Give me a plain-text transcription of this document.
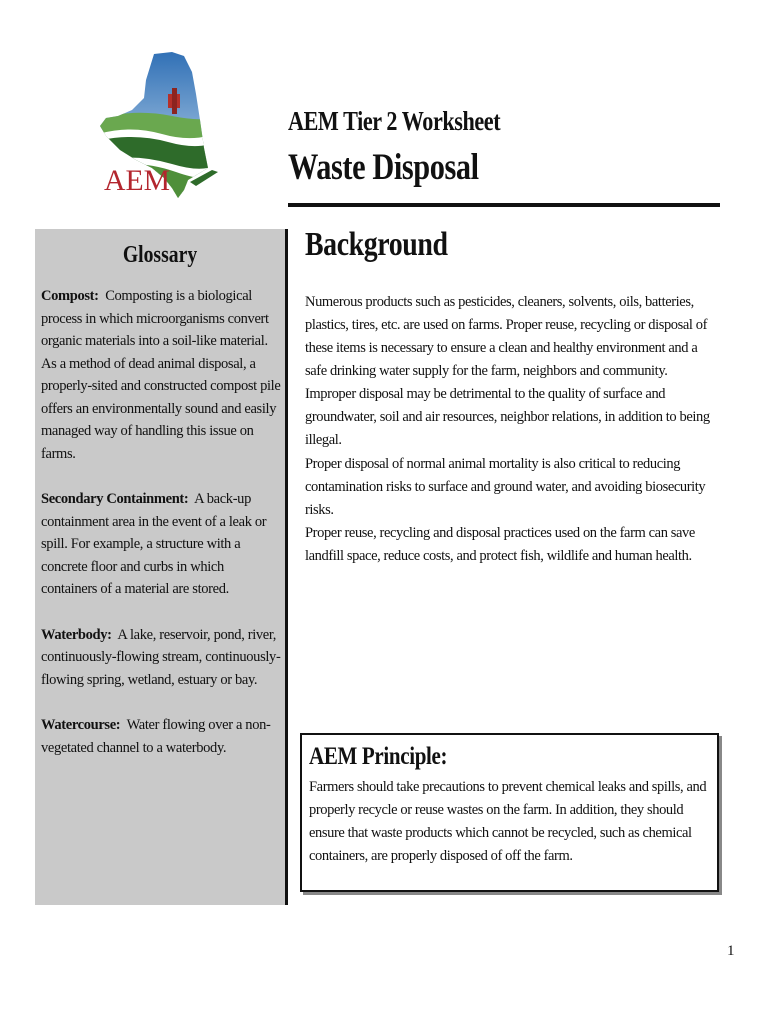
AEM
AEM Tier 2 Worksheet
Waste Disposal
Glossary
Compost: Composting is a biological process in which microorganisms convert organic materials into a soil-like material. As a method of dead animal disposal, a properly-sited and constructed compost pile offers an environmentally sound and easily managed way of handling this issue on farms.
Secondary Containment: A back-up containment area in the event of a leak or spill. For example, a structure with a concrete floor and curbs in which containers of a material are stored.
Waterbody: A lake, reservoir, pond, river, continuously-flowing stream, continuously-flowing spring, wetland, estuary or bay.
Watercourse: Water flowing over a non-vegetated channel to a waterbody.
Background
Numerous products such as pesticides, cleaners, solvents, oils, batteries, plastics, tires, etc. are used on farms. Proper reuse, recycling or disposal of these items is necessary to ensure a clean and healthy environment and a safe drinking water supply for the farm, neighbors and community. Improper disposal may be detrimental to the quality of surface and groundwater, soil and air resources, neighbor relations, in addition to being illegal.
Proper disposal of normal animal mortality is also critical to reducing contamination risks to surface and ground water, and avoiding biosecurity risks.
Proper reuse, recycling and disposal practices used on the farm can save landfill space, reduce costs, and protect fish, wildlife and human health.
AEM Principle:
Farmers should take precautions to prevent chemical leaks and spills, and properly recycle or reuse wastes on the farm. In addition, they should ensure that waste products which cannot be recycled, such as chemical containers, are properly disposed of off the farm.
1
